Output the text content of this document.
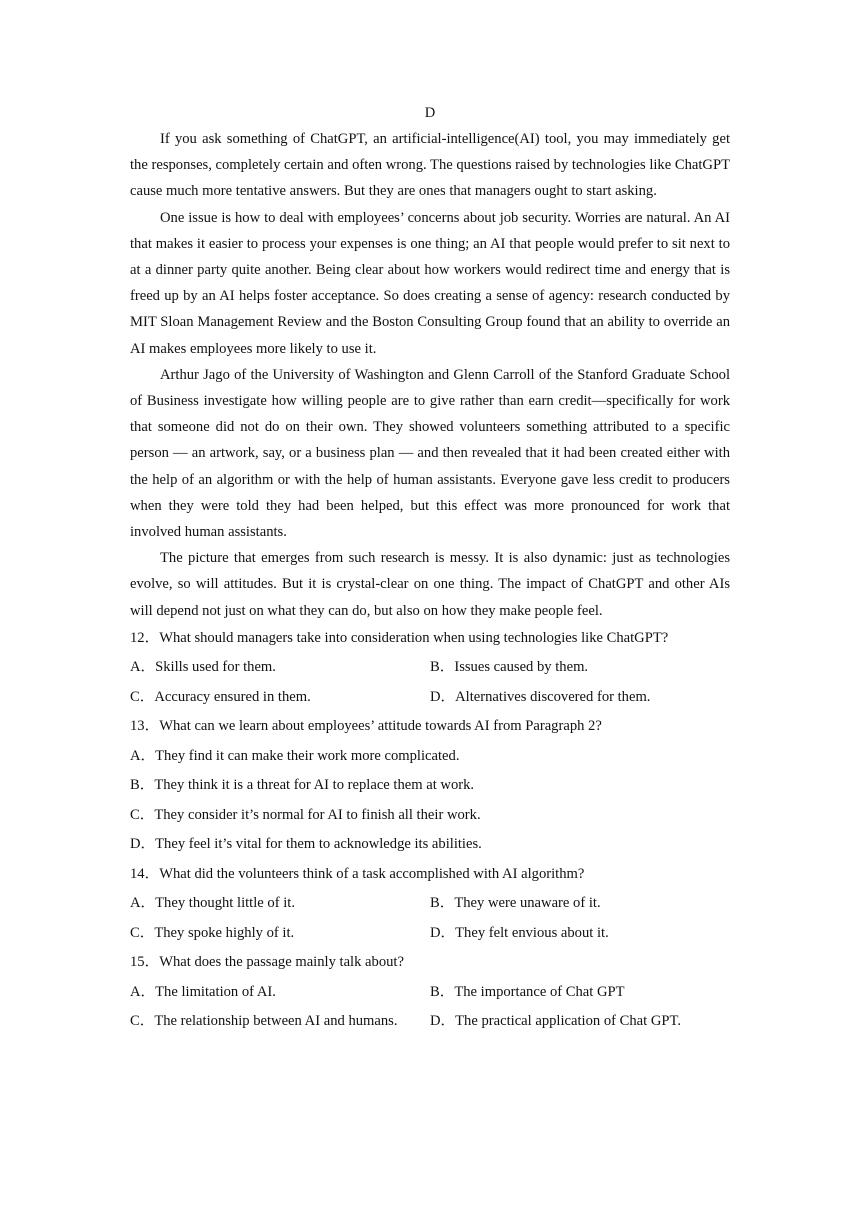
D

If you ask something of ChatGPT, an artificial-intelligence(AI) tool, you may immediately get the responses, completely certain and often wrong. The questions raised by technologies like ChatGPT cause much more tentative answers. But they are ones that managers ought to start asking.

One issue is how to deal with employees’ concerns about job security. Worries are natural. An AI that makes it easier to process your expenses is one thing; an AI that people would prefer to sit next to at a dinner party quite another. Being clear about how workers would redirect time and energy that is freed up by an AI helps foster acceptance. So does creating a sense of agency: research conducted by MIT Sloan Management Review and the Boston Consulting Group found that an ability to override an AI makes employees more likely to use it.

Arthur Jago of the University of Washington and Glenn Carroll of the Stanford Graduate School of Business investigate how willing people are to give rather than earn credit—specifically for work that someone did not do on their own. They showed volunteers something attributed to a specific person — an artwork, say, or a business plan — and then revealed that it had been created either with the help of an algorithm or with the help of human assistants. Everyone gave less credit to producers when they were told they had been helped, but this effect was more pronounced for work that involved human assistants.

The picture that emerges from such research is messy. It is also dynamic: just as technologies evolve, so will attitudes. But it is crystal-clear on one thing. The impact of ChatGPT and other AIs will depend not just on what they can do, but also on how they make people feel.

12．What should managers take into consideration when using technologies like ChatGPT?
A．Skills used for them.	B．Issues caused by them.
C．Accuracy ensured in them.	D．Alternatives discovered for them.
13．What can we learn about employees’ attitude towards AI from Paragraph 2?
A．They find it can make their work more complicated.
B．They think it is a threat for AI to replace them at work.
C．They consider it’s normal for AI to finish all their work.
D．They feel it’s vital for them to acknowledge its abilities.
14．What did the volunteers think of a task accomplished with AI algorithm?
A．They thought little of it.	B．They were unaware of it.
C．They spoke highly of it.	D．They felt envious about it.
15．What does the passage mainly talk about?
A．The limitation of AI.	B．The importance of Chat GPT
C．The relationship between AI and humans.	D．The practical application of Chat GPT.
